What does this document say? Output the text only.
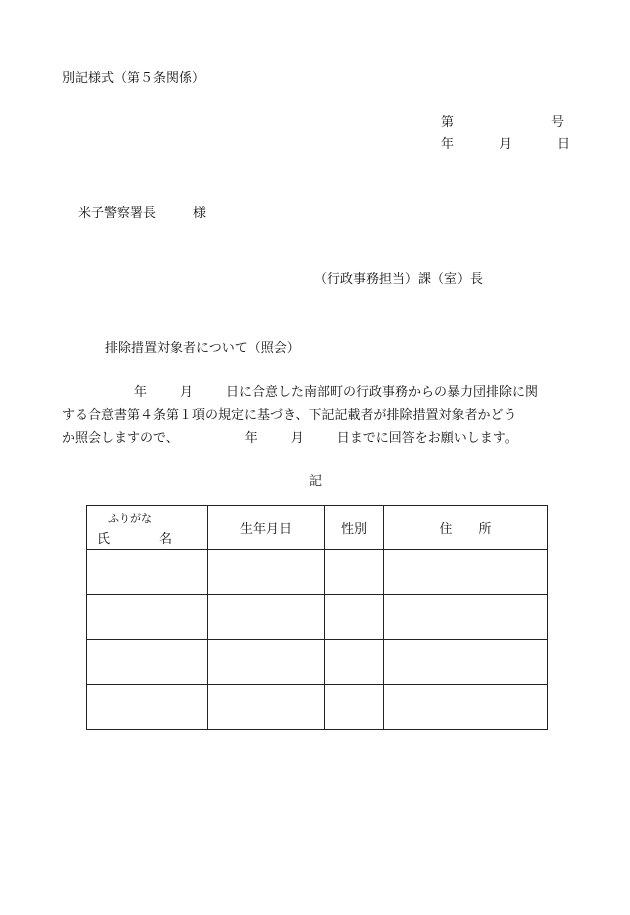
別記様式（第５条関係）
第	号
年	月	日
米子警察署長	様
（行政事務担当）課（室）長
排除措置対象者について（照会）
年	月	日に合意した南部町の行政事務からの暴力団排除に関
する合意書第４条第１項の規定に基づき、下記記載者が排除措置対象者かどう
か照会しますので、	年	月	日までに回答をお願いします。
記
ふりがな
氏 名	生年月日	性別	住　　所
